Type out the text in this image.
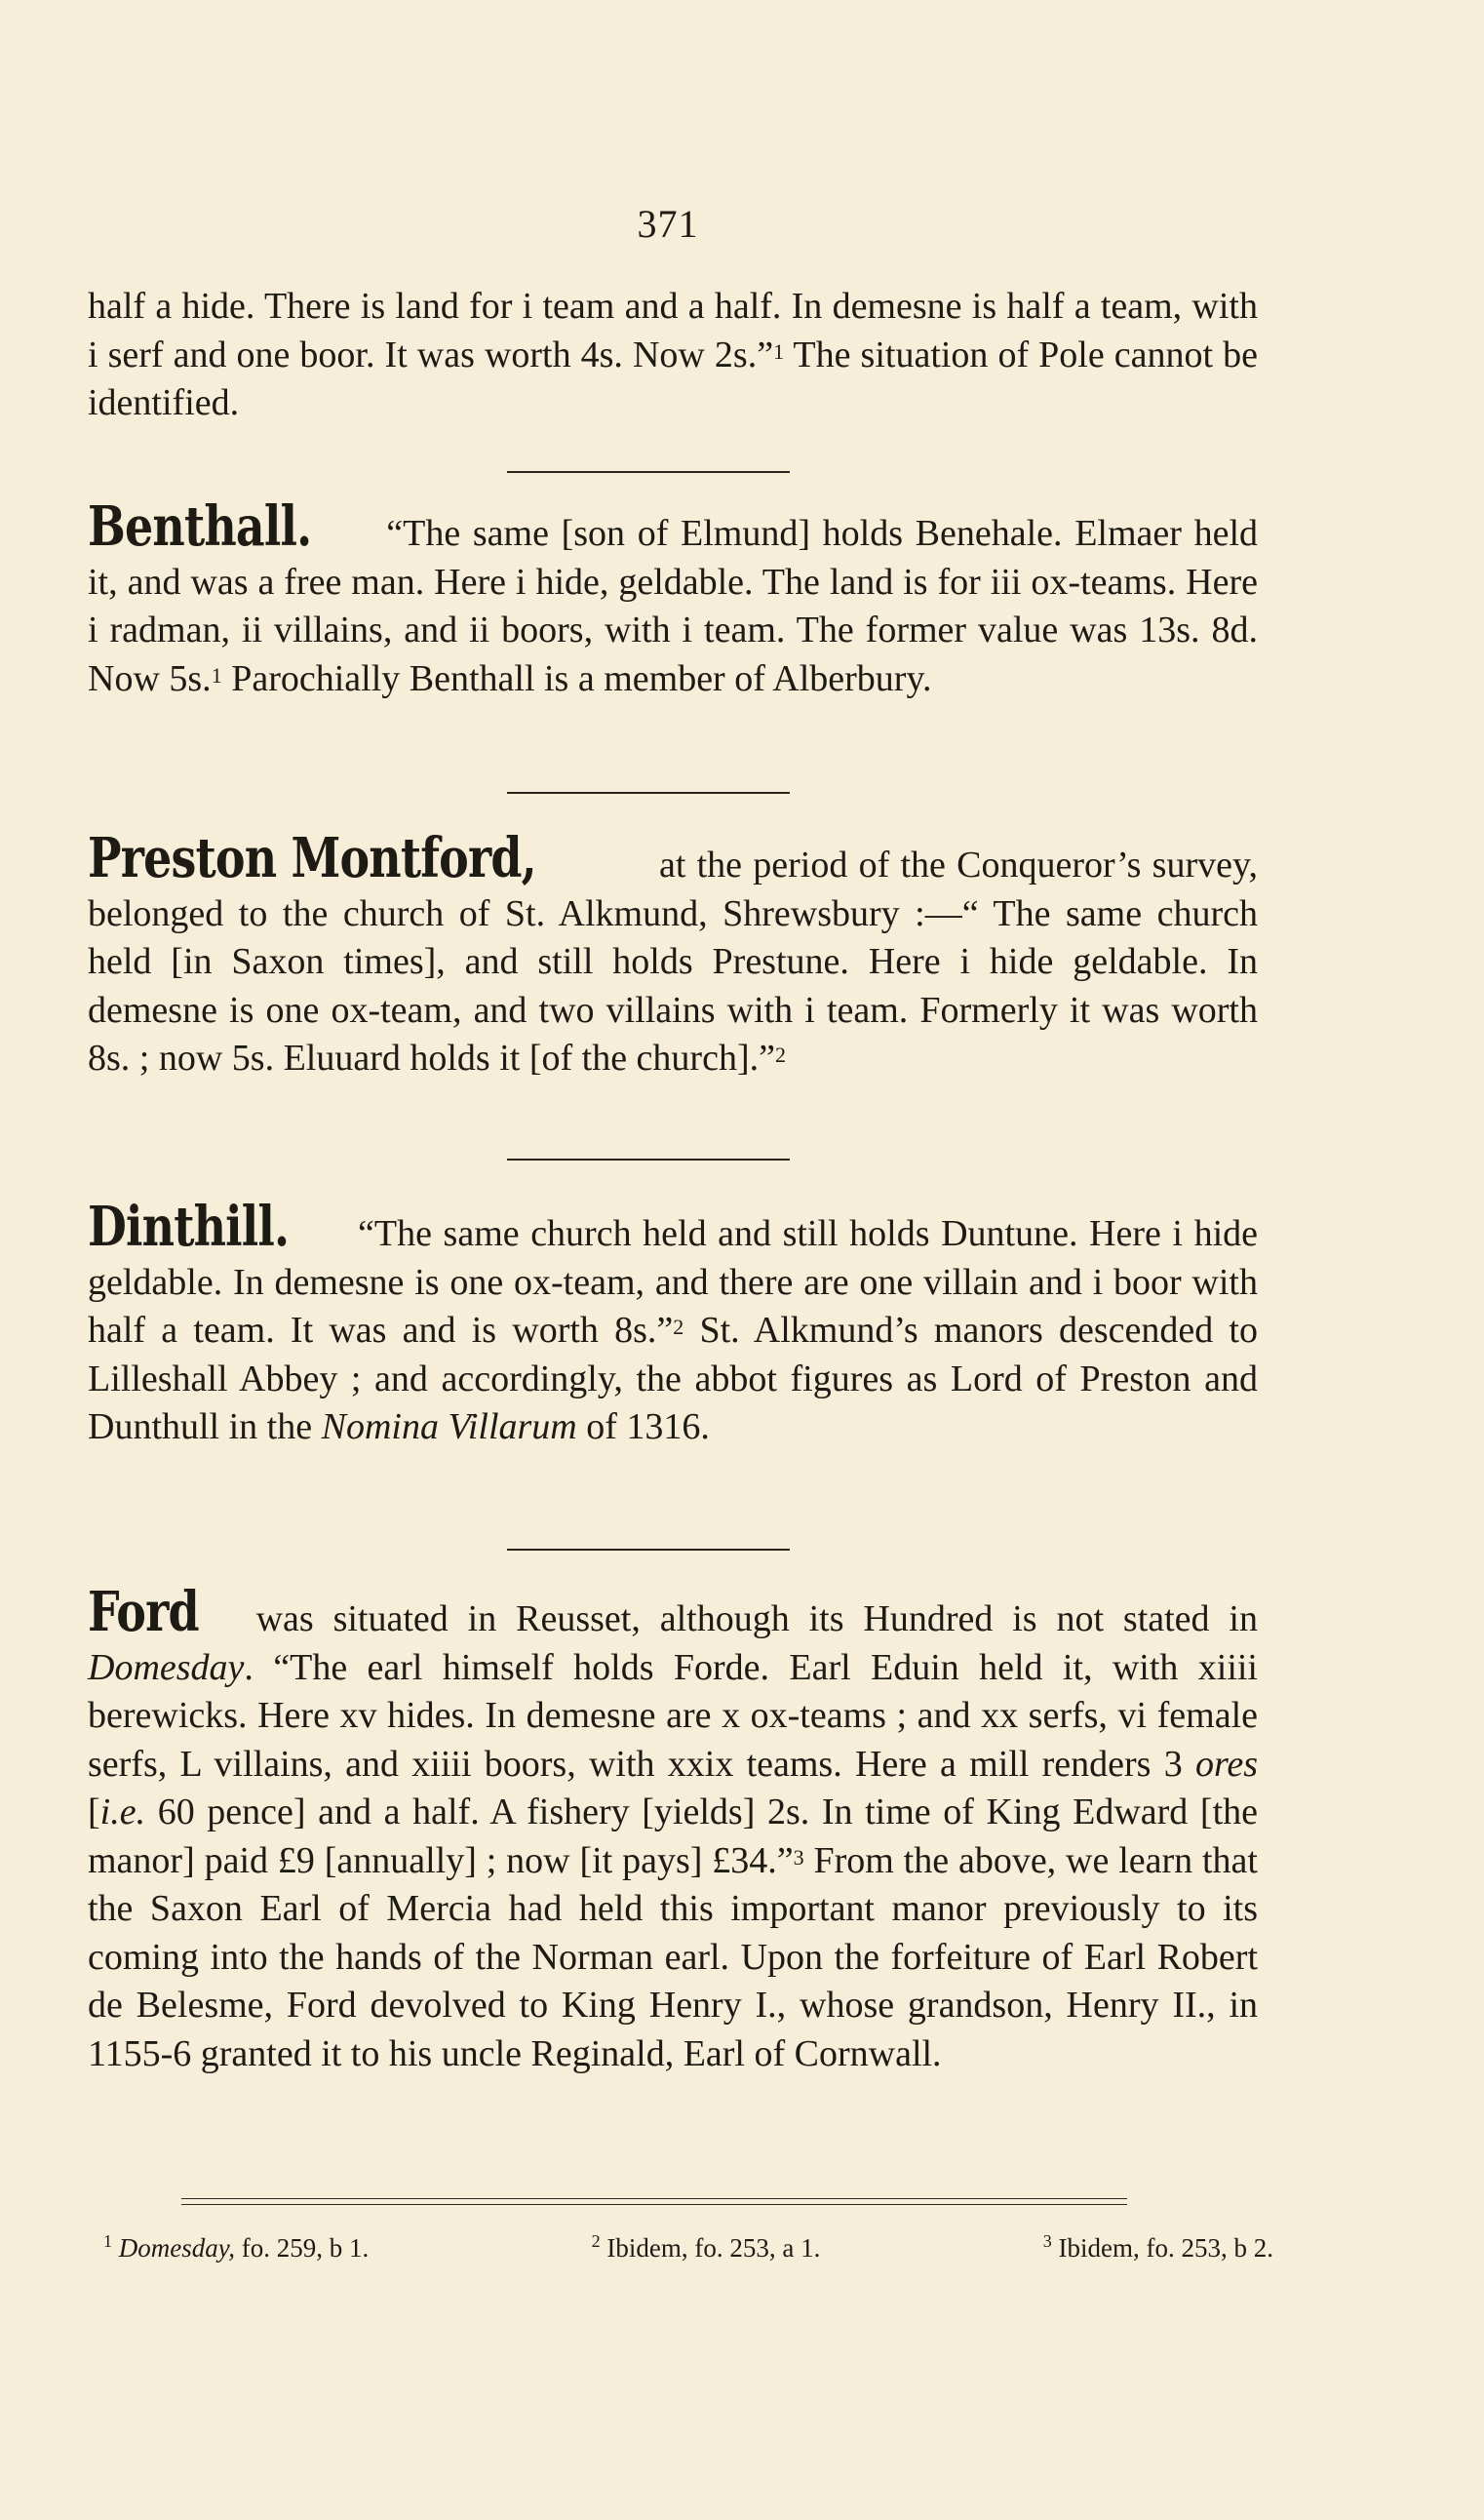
371

half a hide. There is land for i team and a half. In demesne is half a team, with i serf and one boor. It was worth 4s. Now 2s.”$^1$ The situation of Pole cannot be identified.

Benthall. “The same [son of Elmund] holds Benehale. Elmaer held it, and was a free man. Here i hide, geldable. The land is for iii ox-teams. Here i radman, ii villains, and ii boors, with i team. The former value was 13s. 8d. Now 5s.$^1$ Parochially Benthall is a member of Alberbury.

Preston Montford,	at the period of the Conqueror’s survey, belonged to the church of St. Alkmund, Shrewsbury :—“ The same church held [in Saxon times], and still holds Prestune. Here i hide geldable. In demesne is one ox-team, and two villains with i team. Formerly it was worth 8s. ; now 5s. Eluuard holds it [of the church].”$^2$

Dinthill. “The same church held and still holds Duntune. Here i hide geldable. In demesne is one ox-team, and there are one villain and i boor with half a team. It was and is worth 8s.”$^2$ St. Alkmund’s manors descended to Lilleshall Abbey ; and accordingly, the abbot figures as Lord of Preston and Dunthull in the Nomina Villarum of 1316.

Ford was situated in Reusset, although its Hundred is not stated in Domesday. “The earl himself holds Forde. Earl Eduin held it, with xiiii berewicks. Here xv hides. In demesne are x ox-teams ; and xx serfs, vi female serfs, L villains, and xiiii boors, with xxix teams. Here a mill renders 3 ores [i.e. 60 pence] and a half. A fishery [yields] 2s. In time of King Edward [the manor] paid £9 [annually] ; now [it pays] £34.”$^3$ From the above, we learn that the Saxon Earl of Mercia had held this important manor previously to its coming into the hands of the Norman earl. Upon the forfeiture of Earl Robert de Belesme, Ford devolved to King Henry I., whose grandson, Henry II., in 1155-6 granted it to his uncle Reginald, Earl of Cornwall.

$^1$ Domesday, fo. 259, b 1.	$^2$ Ibidem, fo. 253, a 1.	$^3$ Ibidem, fo. 253, b 2.
